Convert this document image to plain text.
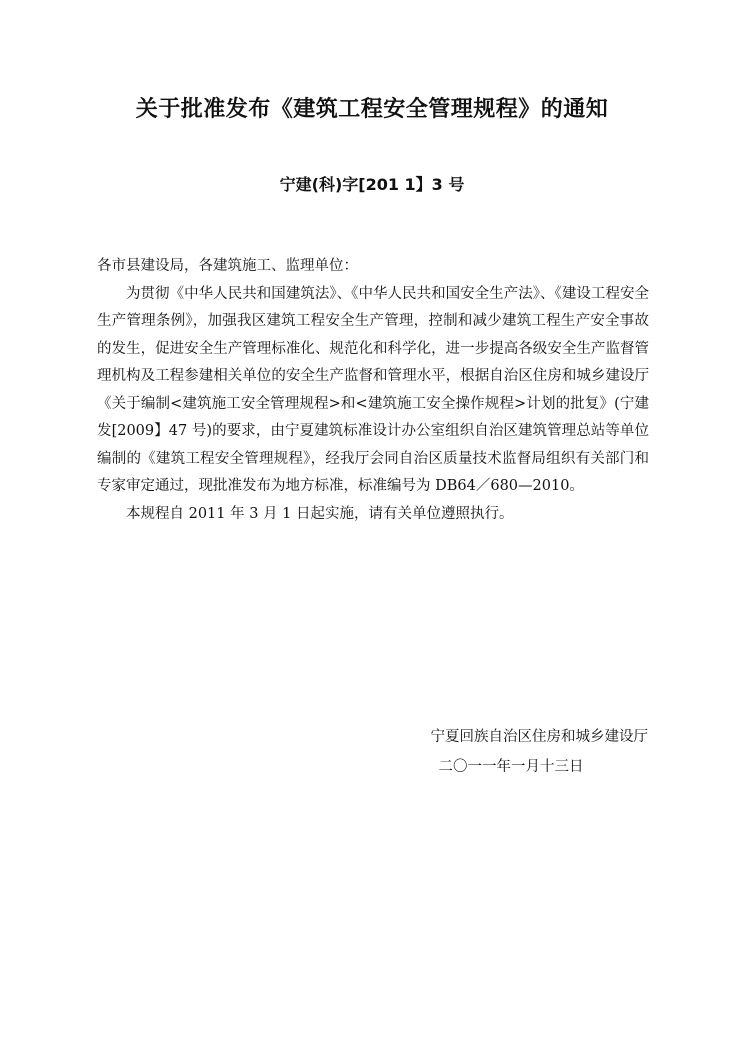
关于批准发布《建筑工程安全管理规程》的通知
宁建(科)字[201 1】3 号

各市县建设局，各建筑施工、监理单位：

为贯彻《中华人民共和国建筑法》、《中华人民共和国安全生产法》、《建设工程安全生产管理条例》，加强我区建筑工程安全生产管理，控制和减少建筑工程生产安全事故的发生，促进安全生产管理标准化、规范化和科学化，进一步提高各级安全生产监督管理机构及工程参建相关单位的安全生产监督和管理水平，根据自治区住房和城乡建设厅《关于编制<建筑施工安全管理规程>和<建筑施工安全操作规程>计划的批复》(宁建发[2009】47 号)的要求，由宁夏建筑标准设计办公室组织自治区建筑管理总站等单位编制的《建筑工程安全管理规程》，经我厅会同自治区质量技术监督局组织有关部门和专家审定通过，现批准发布为地方标准，标准编号为 DB64／680—2010。

本规程自 2011 年 3 月 1 日起实施，请有关单位遵照执行。

宁夏回族自治区住房和城乡建设厅
二〇一一年一月十三日
